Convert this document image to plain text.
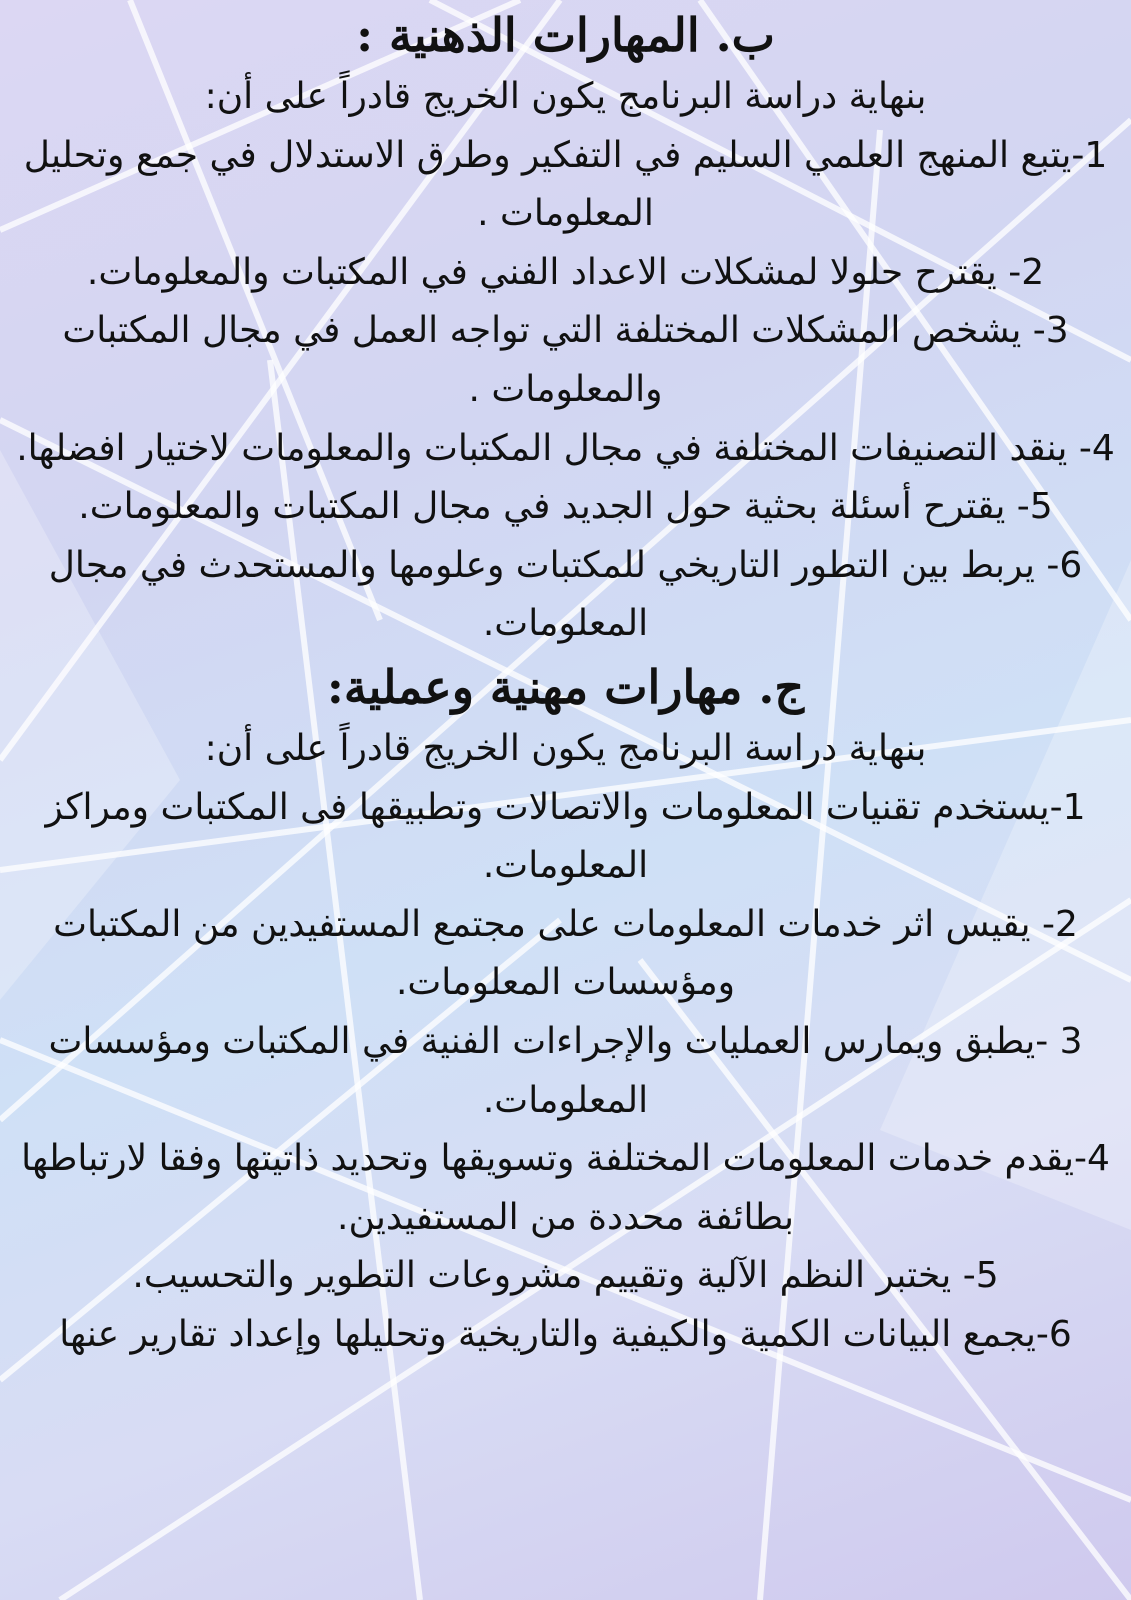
ب. المهارات الذهنية :
بنهاية دراسة البرنامج يكون الخريج قادراً على أن:
1-يتبع المنهج العلمي السليم في التفكير وطرق الاستدلال في جمع وتحليل المعلومات .
2- يقترح حلولا لمشكلات الاعداد الفني في المكتبات والمعلومات.
3- يشخص المشكلات المختلفة التي تواجه العمل في مجال المكتبات والمعلومات .
4- ينقد التصنيفات المختلفة في مجال المكتبات والمعلومات لاختيار افضلها.
5- يقترح أسئلة بحثية حول الجديد في مجال المكتبات والمعلومات.
6- يربط بين التطور التاريخي للمكتبات وعلومها والمستحدث في مجال المعلومات.
ج. مهارات مهنية وعملية:
بنهاية دراسة البرنامج يكون الخريج قادراً على أن:
1-يستخدم تقنيات المعلومات والاتصالات وتطبيقها فى المكتبات ومراكز المعلومات.
2- يقيس اثر خدمات المعلومات على مجتمع المستفيدين من المكتبات ومؤسسات المعلومات.
3 -يطبق ويمارس العمليات والإجراءات الفنية في المكتبات ومؤسسات المعلومات.
4-يقدم خدمات المعلومات المختلفة وتسويقها وتحديد ذاتيتها وفقا لارتباطها بطائفة محددة من المستفيدين.
5- يختبر النظم الآلية وتقييم مشروعات التطوير والتحسيب.
6-يجمع البيانات الكمية والكيفية والتاريخية وتحليلها وإعداد تقارير عنها
